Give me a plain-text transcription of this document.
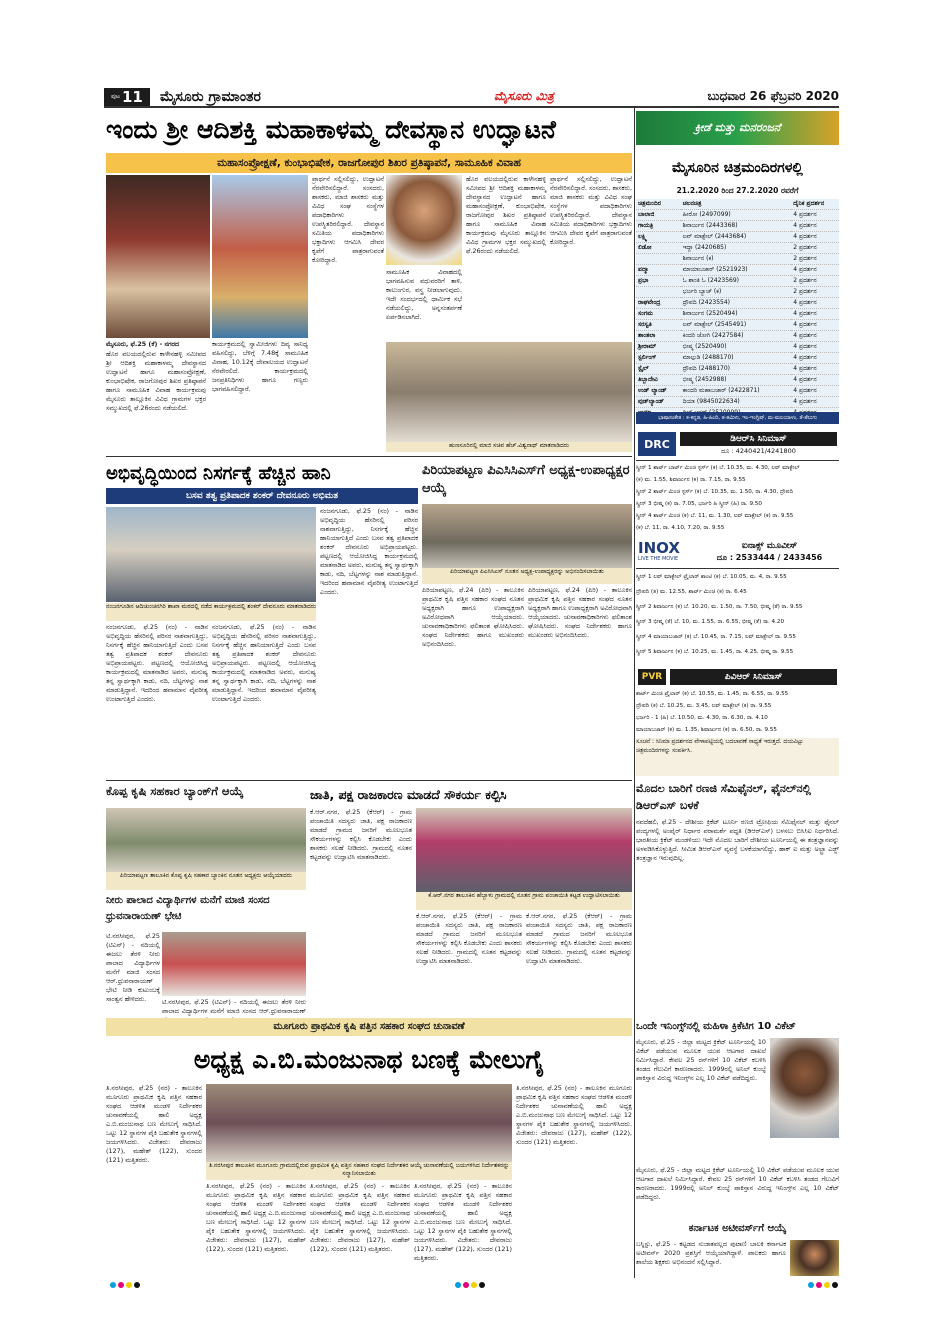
ಪುಟ 11 ಮೈಸೂರು ಗ್ರಾಮಾಂತರ	ಮೈಸೂರು ಮಿತ್ರ	ಬುಧವಾರ 26 ಫೆಬ್ರವರಿ 2020
ಇಂದು ಶ್ರೀ ಆದಿಶಕ್ತಿ ಮಹಾಕಾಳಮ್ಮ ದೇವಸ್ಥಾನ ಉದ್ಘಾಟನೆ
ಮಹಾಸಂಪ್ರೋಕ್ಷಣೆ, ಕುಂಭಾಭಿಷೇಕ, ರಾಜಗೋಪುರ ಶಿಖರ ಪ್ರತಿಷ್ಠಾಪನೆ, ಸಾಮೂಹಿಕ ವಿವಾಹ
ಮೈಸೂರು, ಫೆ.25 (ಕೆ) - ನಗರದ
ಹೊರ ವಲಯದಲ್ಲಿರುವ ಕಾಳೇನಹಳ್ಳಿ ಸಮೀಪದ ಶ್ರೀ ಆದಿಶಕ್ತಿ ಮಹಾಕಾಳಮ್ಮ ದೇವಸ್ಥಾನದ ಉದ್ಘಾಟನೆ ಹಾಗೂ ಮಹಾಸಂಪ್ರೋಕ್ಷಣೆ, ಕುಂಭಾಭಿಷೇಕ, ರಾಜಗೋಪುರ ಶಿಖರ ಪ್ರತಿಷ್ಠಾಪನೆ ಹಾಗೂ ಸಾಮೂಹಿಕ ವಿವಾಹ ಕಾರ್ಯಕ್ರಮವು ಮೈಸೂರು ತಾಲ್ಲೂಕಿನ ವಿವಿಧ ಗ್ರಾಮಗಳ ಭಕ್ತರ ಸಮ್ಮುಖದಲ್ಲಿ ಫೆ.26ರಂದು ನಡೆಯಲಿದೆ.
ಕಾರ್ಯಕ್ರಮದಲ್ಲಿ ಸ್ವಾಮೀಜಿಗಳು ದಿವ್ಯ ಸಾನಿಧ್ಯ ವಹಿಸಲಿದ್ದು, ಬೆಳಿಗ್ಗೆ 7.48ಕ್ಕೆ ಸಾಮೂಹಿಕ ವಿವಾಹ, 10.12ಕ್ಕೆ ದೇವಾಲಯದ ಉದ್ಘಾಟನೆ ನೆರವೇರಲಿದೆ. ಕಾರ್ಯಕ್ರಮದಲ್ಲಿ ಜನಪ್ರತಿನಿಧಿಗಳು ಹಾಗೂ ಗಣ್ಯರು ಭಾಗವಹಿಸಲಿದ್ದಾರೆ.
ಪ್ರಾರ್ಥನೆ ಸಲ್ಲಿಸಲಿದ್ದು, ಉದ್ಘಾಟನೆ ನೆರವೇರಿಸಲಿದ್ದಾರೆ. ಸಂಸದರು, ಶಾಸಕರು, ಮಾಜಿ ಶಾಸಕರು ಮತ್ತು ವಿವಿಧ ಸಂಘ ಸಂಸ್ಥೆಗಳ ಪದಾಧಿಕಾರಿಗಳು ಉಪಸ್ಥಿತರಿರಲಿದ್ದಾರೆ. ದೇವಸ್ಥಾನ ಸಮಿತಿಯ ಪದಾಧಿಕಾರಿಗಳು ಭಕ್ತಾದಿಗಳು ಆಗಮಿಸಿ ದೇವರ ಕೃಪೆಗೆ ಪಾತ್ರರಾಗುವಂತೆ ಕೋರಿದ್ದಾರೆ.
ಸಾಮೂಹಿಕ ವಿವಾಹದಲ್ಲಿ ಭಾಗವಹಿಸುವ ವಧುವರರಿಗೆ ತಾಳಿ, ಕಾಲುಂಗುರ, ವಸ್ತ್ರ ನೀಡಲಾಗುವುದು. ಇದೇ ಸಂದರ್ಭದಲ್ಲಿ ಧಾರ್ಮಿಕ ಸಭೆ ನಡೆಯಲಿದ್ದು, ಅನ್ನಸಂತರ್ಪಣೆ ಏರ್ಪಡಿಸಲಾಗಿದೆ.
ಹೊರ ವಲಯದಲ್ಲಿರುವ ಕಾಳೇನಹಳ್ಳಿ ಸಮೀಪದ ಶ್ರೀ ಆದಿಶಕ್ತಿ ಮಹಾಕಾಳಮ್ಮ ದೇವಸ್ಥಾನದ ಉದ್ಘಾಟನೆ ಹಾಗೂ ಮಹಾಸಂಪ್ರೋಕ್ಷಣೆ, ಕುಂಭಾಭಿಷೇಕ, ರಾಜಗೋಪುರ ಶಿಖರ ಪ್ರತಿಷ್ಠಾಪನೆ ಹಾಗೂ ಸಾಮೂಹಿಕ ವಿವಾಹ ಕಾರ್ಯಕ್ರಮವು ಮೈಸೂರು ತಾಲ್ಲೂಕಿನ ವಿವಿಧ ಗ್ರಾಮಗಳ ಭಕ್ತರ ಸಮ್ಮುಖದಲ್ಲಿ ಫೆ.26ರಂದು ನಡೆಯಲಿದೆ.
ಪ್ರಾರ್ಥನೆ ಸಲ್ಲಿಸಲಿದ್ದು, ಉದ್ಘಾಟನೆ ನೆರವೇರಿಸಲಿದ್ದಾರೆ. ಸಂಸದರು, ಶಾಸಕರು, ಮಾಜಿ ಶಾಸಕರು ಮತ್ತು ವಿವಿಧ ಸಂಘ ಸಂಸ್ಥೆಗಳ ಪದಾಧಿಕಾರಿಗಳು ಉಪಸ್ಥಿತರಿರಲಿದ್ದಾರೆ. ದೇವಸ್ಥಾನ ಸಮಿತಿಯ ಪದಾಧಿಕಾರಿಗಳು ಭಕ್ತಾದಿಗಳು ಆಗಮಿಸಿ ದೇವರ ಕೃಪೆಗೆ ಪಾತ್ರರಾಗುವಂತೆ ಕೋರಿದ್ದಾರೆ.
ಹುಣಸೂರಿನಲ್ಲಿ ಮಾಜಿ ಸಚಿವ ಹೆಚ್.ವಿಶ್ವನಾಥ್ ಮಾತನಾಡಿದರು
ಅಭಿವೃದ್ಧಿಯಿಂದ ನಿಸರ್ಗಕ್ಕೆ ಹೆಚ್ಚಿನ ಹಾನಿ
ಬಸವ ತತ್ವ ಪ್ರತಿಪಾದಕ ಶಂಕರ್ ದೇವನೂರು ಅಭಿಮತ
ನಂಜನಗೂಡಿನ ಆದಿಚುಂಚನಗಿರಿ ಶಾಖಾ ಮಠದಲ್ಲಿ ನಡೆದ ಕಾರ್ಯಕ್ರಮದಲ್ಲಿ ಶಂಕರ್ ದೇವನೂರು ಮಾತನಾಡಿದರು
ನಂಜನಗೂಡು, ಫೆ.25 (ನಂ) - ನಾಡಿನ ಅಭಿವೃದ್ಧಿಯ ಹೆಸರಿನಲ್ಲಿ ಪರಿಸರ ನಾಶವಾಗುತ್ತಿದ್ದು, ನಿಸರ್ಗಕ್ಕೆ ಹೆಚ್ಚಿನ ಹಾನಿಯಾಗುತ್ತಿದೆ ಎಂದು ಬಸವ ತತ್ವ ಪ್ರತಿಪಾದಕ ಶಂಕರ್ ದೇವನೂರು ಅಭಿಪ್ರಾಯಪಟ್ಟರು. ಪಟ್ಟಣದಲ್ಲಿ ಆಯೋಜಿಸಿದ್ದ ಕಾರ್ಯಕ್ರಮದಲ್ಲಿ ಮಾತನಾಡಿದ ಅವರು, ಮನುಷ್ಯ ತನ್ನ ಸ್ವಾರ್ಥಕ್ಕಾಗಿ ಕಾಡು, ನದಿ, ಬೆಟ್ಟಗಳನ್ನು ನಾಶ ಮಾಡುತ್ತಿದ್ದಾನೆ. ಇದರಿಂದ ಹವಾಮಾನ ವೈಪರೀತ್ಯ ಉಂಟಾಗುತ್ತಿದೆ ಎಂದರು.
ನಂಜನಗೂಡು, ಫೆ.25 (ನಂ) - ನಾಡಿನ ಅಭಿವೃದ್ಧಿಯ ಹೆಸರಿನಲ್ಲಿ ಪರಿಸರ ನಾಶವಾಗುತ್ತಿದ್ದು, ನಿಸರ್ಗಕ್ಕೆ ಹೆಚ್ಚಿನ ಹಾನಿಯಾಗುತ್ತಿದೆ ಎಂದು ಬಸವ ತತ್ವ ಪ್ರತಿಪಾದಕ ಶಂಕರ್ ದೇವನೂರು ಅಭಿಪ್ರಾಯಪಟ್ಟರು. ಪಟ್ಟಣದಲ್ಲಿ ಆಯೋಜಿಸಿದ್ದ ಕಾರ್ಯಕ್ರಮದಲ್ಲಿ ಮಾತನಾಡಿದ ಅವರು, ಮನುಷ್ಯ ತನ್ನ ಸ್ವಾರ್ಥಕ್ಕಾಗಿ ಕಾಡು, ನದಿ, ಬೆಟ್ಟಗಳನ್ನು ನಾಶ ಮಾಡುತ್ತಿದ್ದಾನೆ. ಇದರಿಂದ ಹವಾಮಾನ ವೈಪರೀತ್ಯ ಉಂಟಾಗುತ್ತಿದೆ ಎಂದರು.
ನಂಜನಗೂಡು, ಫೆ.25 (ನಂ) - ನಾಡಿನ ಅಭಿವೃದ್ಧಿಯ ಹೆಸರಿನಲ್ಲಿ ಪರಿಸರ ನಾಶವಾಗುತ್ತಿದ್ದು, ನಿಸರ್ಗಕ್ಕೆ ಹೆಚ್ಚಿನ ಹಾನಿಯಾಗುತ್ತಿದೆ ಎಂದು ಬಸವ ತತ್ವ ಪ್ರತಿಪಾದಕ ಶಂಕರ್ ದೇವನೂರು ಅಭಿಪ್ರಾಯಪಟ್ಟರು. ಪಟ್ಟಣದಲ್ಲಿ ಆಯೋಜಿಸಿದ್ದ ಕಾರ್ಯಕ್ರಮದಲ್ಲಿ ಮಾತನಾಡಿದ ಅವರು, ಮನುಷ್ಯ ತನ್ನ ಸ್ವಾರ್ಥಕ್ಕಾಗಿ ಕಾಡು, ನದಿ, ಬೆಟ್ಟಗಳನ್ನು ನಾಶ ಮಾಡುತ್ತಿದ್ದಾನೆ. ಇದರಿಂದ ಹವಾಮಾನ ವೈಪರೀತ್ಯ ಉಂಟಾಗುತ್ತಿದೆ ಎಂದರು.
ಪಿರಿಯಾಪಟ್ಟಣ ಪಿಎಸಿಸಿಎಸ್‌ಗೆ ಅಧ್ಯಕ್ಷ-ಉಪಾಧ್ಯಕ್ಷರ ಆಯ್ಕೆ
ಪಿರಿಯಾಪಟ್ಟಣ ಪಿಎಸಿಸಿಎಸ್ ನೂತನ ಅಧ್ಯಕ್ಷ-ಉಪಾಧ್ಯಕ್ಷರನ್ನು ಅಭಿನಂದಿಸಲಾಯಿತು
ಪಿರಿಯಾಪಟ್ಟಣ, ಫೆ.24 (ಪಿರಿ) - ತಾಲೂಕಿನ ಪ್ರಾಥಮಿಕ ಕೃಷಿ ಪತ್ತಿನ ಸಹಕಾರ ಸಂಘದ ನೂತನ ಅಧ್ಯಕ್ಷರಾಗಿ ಹಾಗೂ ಉಪಾಧ್ಯಕ್ಷರಾಗಿ ಅವಿರೋಧವಾಗಿ ಆಯ್ಕೆಯಾದರು. ಚುನಾವಣಾಧಿಕಾರಿಗಳು ಫಲಿತಾಂಶ ಘೋಷಿಸಿದರು. ಸಂಘದ ನಿರ್ದೇಶಕರು ಹಾಗೂ ಮುಖಂಡರು ಅಭಿನಂದಿಸಿದರು.
ಪಿರಿಯಾಪಟ್ಟಣ, ಫೆ.24 (ಪಿರಿ) - ತಾಲೂಕಿನ ಪ್ರಾಥಮಿಕ ಕೃಷಿ ಪತ್ತಿನ ಸಹಕಾರ ಸಂಘದ ನೂತನ ಅಧ್ಯಕ್ಷರಾಗಿ ಹಾಗೂ ಉಪಾಧ್ಯಕ್ಷರಾಗಿ ಅವಿರೋಧವಾಗಿ ಆಯ್ಕೆಯಾದರು. ಚುನಾವಣಾಧಿಕಾರಿಗಳು ಫಲಿತಾಂಶ ಘೋಷಿಸಿದರು. ಸಂಘದ ನಿರ್ದೇಶಕರು ಹಾಗೂ ಮುಖಂಡರು ಅಭಿನಂದಿಸಿದರು.
ಕೊಪ್ಪ ಕೃಷಿ ಸಹಕಾರ ಬ್ಯಾಂಕ್‌ಗೆ ಆಯ್ಕೆ
ಪಿರಿಯಾಪಟ್ಟಣ ತಾಲೂಕಿನ ಕೊಪ್ಪ ಕೃಷಿ ಸಹಕಾರ ಬ್ಯಾಂಕಿನ ನೂತನ ಅಧ್ಯಕ್ಷರು ಆಯ್ಕೆಯಾದರು
ನೀರು ಪಾಲಾದ ವಿದ್ಯಾರ್ಥಿಗಳ ಮನೆಗೆ ಮಾಜಿ ಸಂಸದ ಧ್ರುವನಾರಾಯಣ್ ಭೇಟಿ
ಟಿ.ನರಸೀಪುರ, ಫೆ.25 (ಟಿಎನ್) - ನದಿಯಲ್ಲಿ ಈಜಲು ತೆರಳಿ ನೀರು ಪಾಲಾದ ವಿದ್ಯಾರ್ಥಿಗಳ ಮನೆಗೆ ಮಾಜಿ ಸಂಸದ ಆರ್.ಧ್ರುವನಾರಾಯಣ್ ಭೇಟಿ ನೀಡಿ ಕುಟುಂಬಕ್ಕೆ ಸಾಂತ್ವನ ಹೇಳಿದರು.	ಟಿ.ನರಸೀಪುರ, ಫೆ.25 (ಟಿಎನ್) - ನದಿಯಲ್ಲಿ ಈಜಲು ತೆರಳಿ ನೀರು ಪಾಲಾದ ವಿದ್ಯಾರ್ಥಿಗಳ ಮನೆಗೆ ಮಾಜಿ ಸಂಸದ ಆರ್.ಧ್ರುವನಾರಾಯಣ್
ಜಾತಿ, ಪಕ್ಷ ರಾಜಕಾರಣ ಮಾಡದೆ ಸೌಕರ್ಯ ಕಲ್ಪಿಸಿ
ಕೆ.ಆರ್.ನಗರ, ಫೆ.25 (ಕೆಆರ್) - ಗ್ರಾಮ ಪಂಚಾಯಿತಿ ಸದಸ್ಯರು ಜಾತಿ, ಪಕ್ಷ ರಾಜಕಾರಣ ಮಾಡದೆ ಗ್ರಾಮದ ಜನರಿಗೆ ಮೂಲಭೂತ ಸೌಕರ್ಯಗಳನ್ನು ಕಲ್ಪಿಸಿ ಕೊಡಬೇಕು ಎಂದು ಶಾಸಕರು ಸಲಹೆ ನೀಡಿದರು. ಗ್ರಾಮದಲ್ಲಿ ನೂತನ ಕಟ್ಟಡವನ್ನು ಉದ್ಘಾಟಿಸಿ ಮಾತನಾಡಿದರು.
ಕೆ.ಆರ್.ನಗರ ತಾಲೂಕಿನ ಹೆಬ್ಬಾಳು ಗ್ರಾಮದಲ್ಲಿ ನೂತನ ಗ್ರಾಮ ಪಂಚಾಯಿತಿ ಕಟ್ಟಡ ಉದ್ಘಾಟಿಸಲಾಯಿತು
ಕೆ.ಆರ್.ನಗರ, ಫೆ.25 (ಕೆಆರ್) - ಗ್ರಾಮ ಪಂಚಾಯಿತಿ ಸದಸ್ಯರು ಜಾತಿ, ಪಕ್ಷ ರಾಜಕಾರಣ ಮಾಡದೆ ಗ್ರಾಮದ ಜನರಿಗೆ ಮೂಲಭೂತ ಸೌಕರ್ಯಗಳನ್ನು ಕಲ್ಪಿಸಿ ಕೊಡಬೇಕು ಎಂದು ಶಾಸಕರು ಸಲಹೆ ನೀಡಿದರು. ಗ್ರಾಮದಲ್ಲಿ ನೂತನ ಕಟ್ಟಡವನ್ನು ಉದ್ಘಾಟಿಸಿ ಮಾತನಾಡಿದರು.
ಕೆ.ಆರ್.ನಗರ, ಫೆ.25 (ಕೆಆರ್) - ಗ್ರಾಮ ಪಂಚಾಯಿತಿ ಸದಸ್ಯರು ಜಾತಿ, ಪಕ್ಷ ರಾಜಕಾರಣ ಮಾಡದೆ ಗ್ರಾಮದ ಜನರಿಗೆ ಮೂಲಭೂತ ಸೌಕರ್ಯಗಳನ್ನು ಕಲ್ಪಿಸಿ ಕೊಡಬೇಕು ಎಂದು ಶಾಸಕರು ಸಲಹೆ ನೀಡಿದರು. ಗ್ರಾಮದಲ್ಲಿ ನೂತನ ಕಟ್ಟಡವನ್ನು ಉದ್ಘಾಟಿಸಿ ಮಾತನಾಡಿದರು.
ಮೂಗೂರು ಪ್ರಾಥಮಿಕ ಕೃಷಿ ಪತ್ತಿನ ಸಹಕಾರ ಸಂಘದ ಚುನಾವಣೆ
ಅಧ್ಯಕ್ಷ ಎ.ಬಿ.ಮಂಜುನಾಥ ಬಣಕ್ಕೆ ಮೇಲುಗೈ
ತಿ.ನರಸೀಪುರ, ಫೆ.25 (ನರ) - ತಾಲೂಕಿನ ಮೂಗೂರು ಪ್ರಾಥಮಿಕ ಕೃಷಿ ಪತ್ತಿನ ಸಹಕಾರ ಸಂಘದ ಆಡಳಿತ ಮಂಡಳಿ ನಿರ್ದೇಶಕರ ಚುನಾವಣೆಯಲ್ಲಿ ಹಾಲಿ ಅಧ್ಯಕ್ಷ ಎ.ಬಿ.ಮಂಜುನಾಥ ಬಣ ಮೇಲುಗೈ ಸಾಧಿಸಿದೆ. ಒಟ್ಟು 12 ಸ್ಥಾನಗಳ ಪೈಕಿ ಬಹುತೇಕ ಸ್ಥಾನಗಳಲ್ಲಿ ಜಯಗಳಿಸಿದರು. ವಿಜೇತರು: ದೇವರಾಜು (127), ಮಹೇಶ್ (122), ಸುಂದರ (121) ಮತ್ತಿತರರು.
ತಿ.ನರಸೀಪುರ ತಾಲೂಕಿನ ಮೂಗೂರು ಗ್ರಾಮದಲ್ಲಿರುವ ಪ್ರಾಥಮಿಕ ಕೃಷಿ ಪತ್ತಿನ ಸಹಕಾರ ಸಂಘದ ನಿರ್ದೇಶಕರ ಆಯ್ಕೆ ಚುನಾವಣೆಯಲ್ಲಿ ಜಯಗಳಿಸಿದ ನಿರ್ದೇಶಕರನ್ನು ಸನ್ಮಾನಿಸಲಾಯಿತು
ತಿ.ನರಸೀಪುರ, ಫೆ.25 (ನರ) - ತಾಲೂಕಿನ ಮೂಗೂರು ಪ್ರಾಥಮಿಕ ಕೃಷಿ ಪತ್ತಿನ ಸಹಕಾರ ಸಂಘದ ಆಡಳಿತ ಮಂಡಳಿ ನಿರ್ದೇಶಕರ ಚುನಾವಣೆಯಲ್ಲಿ ಹಾಲಿ ಅಧ್ಯಕ್ಷ ಎ.ಬಿ.ಮಂಜುನಾಥ ಬಣ ಮೇಲುಗೈ ಸಾಧಿಸಿದೆ. ಒಟ್ಟು 12 ಸ್ಥಾನಗಳ ಪೈಕಿ ಬಹುತೇಕ ಸ್ಥಾನಗಳಲ್ಲಿ ಜಯಗಳಿಸಿದರು. ವಿಜೇತರು: ದೇವರಾಜು (127), ಮಹೇಶ್ (122), ಸುಂದರ (121) ಮತ್ತಿತರರು.
ತಿ.ನರಸೀಪುರ, ಫೆ.25 (ನರ) - ತಾಲೂಕಿನ ಮೂಗೂರು ಪ್ರಾಥಮಿಕ ಕೃಷಿ ಪತ್ತಿನ ಸಹಕಾರ ಸಂಘದ ಆಡಳಿತ ಮಂಡಳಿ ನಿರ್ದೇಶಕರ ಚುನಾವಣೆಯಲ್ಲಿ ಹಾಲಿ ಅಧ್ಯಕ್ಷ ಎ.ಬಿ.ಮಂಜುನಾಥ ಬಣ ಮೇಲುಗೈ ಸಾಧಿಸಿದೆ. ಒಟ್ಟು 12 ಸ್ಥಾನಗಳ ಪೈಕಿ ಬಹುತೇಕ ಸ್ಥಾನಗಳಲ್ಲಿ ಜಯಗಳಿಸಿದರು. ವಿಜೇತರು: ದೇವರಾಜು (127), ಮಹೇಶ್ (122), ಸುಂದರ (121) ಮತ್ತಿತರರು.
ತಿ.ನರಸೀಪುರ, ಫೆ.25 (ನರ) - ತಾಲೂಕಿನ ಮೂಗೂರು ಪ್ರಾಥಮಿಕ ಕೃಷಿ ಪತ್ತಿನ ಸಹಕಾರ ಸಂಘದ ಆಡಳಿತ ಮಂಡಳಿ ನಿರ್ದೇಶಕರ ಚುನಾವಣೆಯಲ್ಲಿ ಹಾಲಿ ಅಧ್ಯಕ್ಷ ಎ.ಬಿ.ಮಂಜುನಾಥ ಬಣ ಮೇಲುಗೈ ಸಾಧಿಸಿದೆ. ಒಟ್ಟು 12 ಸ್ಥಾನಗಳ ಪೈಕಿ ಬಹುತೇಕ ಸ್ಥಾನಗಳಲ್ಲಿ ಜಯಗಳಿಸಿದರು. ವಿಜೇತರು: ದೇವರಾಜು (127), ಮಹೇಶ್ (122), ಸುಂದರ (121) ಮತ್ತಿತರರು.
ತಿ.ನರಸೀಪುರ, ಫೆ.25 (ನರ) - ತಾಲೂಕಿನ ಮೂಗೂರು ಪ್ರಾಥಮಿಕ ಕೃಷಿ ಪತ್ತಿನ ಸಹಕಾರ ಸಂಘದ ಆಡಳಿತ ಮಂಡಳಿ ನಿರ್ದೇಶಕರ ಚುನಾವಣೆಯಲ್ಲಿ ಹಾಲಿ ಅಧ್ಯಕ್ಷ ಎ.ಬಿ.ಮಂಜುನಾಥ ಬಣ ಮೇಲುಗೈ ಸಾಧಿಸಿದೆ. ಒಟ್ಟು 12 ಸ್ಥಾನಗಳ ಪೈಕಿ ಬಹುತೇಕ ಸ್ಥಾನಗಳಲ್ಲಿ ಜಯಗಳಿಸಿದರು. ವಿಜೇತರು: ದೇವರಾಜು (127), ಮಹೇಶ್ (122), ಸುಂದರ (121) ಮತ್ತಿತರರು.
ಕ್ರೀಡೆ ಮತ್ತು ಮನರಂಜನೆ
ಮೈಸೂರಿನ ಚಿತ್ರಮಂದಿರಗಳಲ್ಲಿ
21.2.2020 ರಿಂದ 27.2.2020 ರವರೆಗೆ
ಚಿತ್ರಮಂದಿರ	ಚಲನಚಿತ್ರ	ದೈನಿಕ ಪ್ರದರ್ಶನ
ಬಾಲಾಜಿ	ಹೀರೋ (2497099)	4 ಪ್ರದರ್ಶನ
ಗಾಯತ್ರಿ	ಶಿವಾರ್ಜುನ (2443368)	4 ಪ್ರದರ್ಶನ
ಲಕ್ಷ್ಮಿ	ಲವ್ ಮಾಕ್ಟೇಲ್ (2443684)	4 ಪ್ರದರ್ಶನ
ಲಿಡೋ	ಇದ್ದಾ (2420685)	2 ಪ್ರದರ್ಶನ
	ಶಿವಾರ್ಜುನ (ಕ)	2 ಪ್ರದರ್ಶನ
ಪದ್ಮಾ	ಮಾಯಾಬಜಾರ್ (2521923)	4 ಪ್ರದರ್ಶನ
ಪ್ರಭಾ	ಓ ಶಾಂತಿ ಓ (2423569)	2 ಪ್ರದರ್ಶನ
	ಭರ್ಜರಿ ಬ್ಯಾಚ್ (ಕ)	2 ಪ್ರದರ್ಶನ
ರಾಘವೇಂದ್ರ	ದ್ರೌಪದಿ (2423554)	4 ಪ್ರದರ್ಶನ
ಸಂಗಮ	ಶಿವಾರ್ಜುನ (2520494)	4 ಪ್ರದರ್ಶನ
ಸರಸ್ವತಿ	ಲವ್ ಮಾಕ್ಟೇಲ್ (2545491)	4 ಪ್ರದರ್ಶನ
ಶಾಂತಲಾ	ಕಿಂದರಿ ಜೋಗಿ (2427584)	4 ಪ್ರದರ್ಶನ
ಶ್ರೀರಾಮ್	ಭೀಷ್ಮ (2520490)	4 ಪ್ರದರ್ಶನ
ಸ್ಟರ್ಲಿಂಗ್	ಮಾಲ್ಗುಡಿ (2488170)	4 ಪ್ರದರ್ಶನ
ಸ್ಟೈಲ್	ದ್ರೌಪದಿ (2488170)	4 ಪ್ರದರ್ಶನ
ತಿಬ್ಬಾದೇವಿ	ಭೀಷ್ಮ (2452988)	4 ಪ್ರದರ್ಶನ
ಉಡ್ ಲ್ಯಾಂಡ್	ಕಾಂದರಿ ಮಹಾಬಜಾರ್ (2422871)	4 ಪ್ರದರ್ಶನ
ವುಡ್‌ಲ್ಯಾಂಡ್	ದಿಯಾ (9845022634)	4 ಪ್ರದರ್ಶನ

ಭಾಷಾಸಂಕೇತ : ಕ-ಕನ್ನಡ, ಹಿ-ಹಿಂದಿ, ತ-ತಮಿಳು, ಇಂ-ಇಂಗ್ಲಿಷ್, ಮ-ಮಲಯಾಳಂ, ತೆ-ತೆಲುಗು
DRC	ಡಿಆರ್‌ಸಿ ಸಿನಿಮಾಸ್
ದೂ : 4240421/4241800
ಸ್ಕ್ರೀನ್ 1 ಶಾರ್ಟ್ ಬಾರ್ಟ್ ಮಿಂಚಿ ಸ್ಟರ್ಸ್ (ಕ) ಬೆ. 10.35, ಮ. 4.30, ಲವ್ ಮಾಕ್ಟೇಲ್
(ಕ) ಮ. 1.55, ಶಿವಾರ್ಜುನ (ಕ) ರಾ. 7.15, ರಾ. 9.55
ಸ್ಕ್ರೀನ್ 2 ಶಾರ್ಟ್ ಮಿಂಚಿ ಸ್ಟರ್ಸ್ (ಕ) ಬೆ. 10.35, ಮ. 1.50, ರಾ. 4.30, ದ್ರೌಪದಿ
ಸ್ಕ್ರೀನ್ 3 ಭೀಷ್ಮ (ಕ) ರಾ. 7.05, ಭರ್ಜರಿ ಹಿ ಸ್ಕ್ರೀನ್ (ಹಿ) ರಾ. 9.50
ಸ್ಕ್ರೀನ್ 4 ಶಾರ್ಟ್ ಮಿಂಚಿ (ಕ) ಬೆ. 11, ಮ. 1.30, ಲವ್ ಮಾಕ್ಟೇಲ್ (ಕ) ರಾ. 9.55
(ಕ) ಬೆ. 11, ರಾ. 4.10, 7.20, ರಾ. 9.55
INOX
LIVE THE MOVIE
ಐನಾಕ್ಸ್ ಮೂವೀಸ್
ದೂ : 2533444 / 2433456
ಸ್ಕ್ರೀನ್ 1 ಲವ್ ಮಾಕ್ಟೇಲ್ ಟ್ರೈಲಾರ್ ಶಾಂಟಿ (ಕ) ಬೆ. 10.05, ಮ. 4, ರಾ. 9.55
ದ್ರೌಪದಿ (ತ) ಮ. 12.55, ಶಾರ್ಟ್ ಮಿಂಚಿ (ಕ) ರಾ. 6.45
ಸ್ಕ್ರೀನ್ 2 ಶಿವಾರ್ಜುನ (ಕ) ಬೆ. 10.20, ಮ. 1.50, ರಾ. 7.50, ಭೀಷ್ಮ (ತೆ) ರಾ. 9.55
ಸ್ಕ್ರೀನ್ 3 ಭೀಷ್ಮ (ತೆ) ಬೆ. 10, ಮ. 1.55, ರಾ. 6.55, ಭೀಷ್ಮ (ತೆ) ರಾ. 4.20
ಸ್ಕ್ರೀನ್ 4 ಮಾಯಾಬಜಾರ್ (ಕ) ಬೆ. 10.45, ರಾ. 7.15, ಲವ್ ಮಾಕ್ಟೇಲ್ ರಾ. 9.55
ಸ್ಕ್ರೀನ್ 5 ಶಿವಾರ್ಜುನ (ಕ) ಬೆ. 10.25, ಮ. 1.45, ರಾ. 4.25, ಭೀಷ್ಮ ರಾ. 9.55
PVR	ಪಿವಿಆರ್ ಸಿನಿಮಾಸ್
ಶಾರ್ಟ್ ಮಿಂಚಿ ಟ್ರೈಲಾರ್ (ಕ) ಬೆ. 10.55, ಮ. 1.45, ರಾ. 6.55, ರಾ. 9.55
ದ್ರೌಪದಿ (ಕ) ಬೆ. 10.25, ಮ. 3.45, ಲವ್ ಮಾಕ್ಟೇಲ್ (ಕ) ರಾ. 9.55
ಭರ್ಜರಿ - 1 (ಹಿ) ಬೆ. 10.50, ಮ. 4.30, ರಾ. 6.30, ರಾ. 4.10
ಮಾಯಾಬಜಾರ್ (ಕ) ಮ. 1.35, ಶಿವಾರ್ಜುನ (ಕ) ರಾ. 6.50, ರಾ. 9.55
ಸೂಚನೆ : ಸಿನಿಮಾ ಪ್ರದರ್ಶನದ ವೇಳಾಪಟ್ಟಿಯಲ್ಲಿ ಬದಲಾವಣೆ ಸಾಧ್ಯತೆ ಇರುತ್ತದೆ. ದಯವಿಟ್ಟು ಚಿತ್ರಮಂದಿರಗಳನ್ನು ಸಂಪರ್ಕಿಸಿ.
ಮೊದಲ ಬಾರಿಗೆ ರಣಜಿ ಸೆಮಿಫೈನಲ್, ಫೈನಲ್‌ನಲ್ಲಿ ಡಿಆರ್‌ಎಸ್ ಬಳಕೆ
ನವದೆಹಲಿ, ಫೆ.25 - ದೇಶೀಯ ಕ್ರಿಕೆಟ್ ಟೂರ್ನಿ ರಣಜಿ ಟ್ರೋಫಿಯ ಸೆಮಿಫೈನಲ್ ಮತ್ತು ಫೈನಲ್ ಪಂದ್ಯಗಳಲ್ಲಿ ಅಂಪೈರ್ ನಿರ್ಧಾರ ಪರಾಮರ್ಶೆ ಪದ್ಧತಿ (ಡಿಆರ್‌ಎಸ್) ಬಳಸಲು ಬಿಸಿಸಿಐ ನಿರ್ಧರಿಸಿದೆ. ಭಾರತೀಯ ಕ್ರಿಕೆಟ್ ಮಂಡಳಿಯು ಇದೇ ಮೊದಲ ಬಾರಿಗೆ ದೇಶೀಯ ಟೂರ್ನಿಯಲ್ಲಿ ಈ ತಂತ್ರಜ್ಞಾನವನ್ನು ಅಳವಡಿಸಿಕೊಳ್ಳುತ್ತಿದೆ. ಸೀಮಿತ ಡಿಆರ್‌ಎಸ್ ವ್ಯವಸ್ಥೆ ಬಳಕೆಯಾಗಲಿದ್ದು, ಹಾಕ್ ಐ ಮತ್ತು ಅಲ್ಟ್ರಾ ಎಡ್ಜ್ ತಂತ್ರಜ್ಞಾನ ಇರುವುದಿಲ್ಲ.
ಒಂದೇ ಇನಿಂಗ್ಸ್‌ನಲ್ಲಿ ಮಹಿಳಾ ಕ್ರಿಕೆಟಿಗ 10 ವಿಕೆಟ್
ಮೈಸೂರು, ಫೆ.25 - ಜಿಲ್ಲಾ ಮಟ್ಟದ ಕ್ರಿಕೆಟ್ ಟೂರ್ನಿಯಲ್ಲಿ 10 ವಿಕೆಟ್ ಪಡೆಯುವ ಮೂಲಕ ಯುವ ಆಟಗಾರ ದಾಖಲೆ ನಿರ್ಮಿಸಿದ್ದಾರೆ. ಕೇವಲ 25 ರನ್‌ಗಳಿಗೆ 10 ವಿಕೆಟ್ ಕಬಳಿಸಿ ತಂಡದ ಗೆಲುವಿಗೆ ಕಾರಣರಾದರು. 1999ರಲ್ಲಿ ಅನಿಲ್ ಕುಂಬ್ಳೆ ಪಾಕಿಸ್ತಾನ ವಿರುದ್ಧ ಇನಿಂಗ್ಸ್‌ನ ಎಲ್ಲ 10 ವಿಕೆಟ್ ಪಡೆದಿದ್ದರು.
ಮೈಸೂರು, ಫೆ.25 - ಜಿಲ್ಲಾ ಮಟ್ಟದ ಕ್ರಿಕೆಟ್ ಟೂರ್ನಿಯಲ್ಲಿ 10 ವಿಕೆಟ್ ಪಡೆಯುವ ಮೂಲಕ ಯುವ ಆಟಗಾರ ದಾಖಲೆ ನಿರ್ಮಿಸಿದ್ದಾರೆ. ಕೇವಲ 25 ರನ್‌ಗಳಿಗೆ 10 ವಿಕೆಟ್ ಕಬಳಿಸಿ ತಂಡದ ಗೆಲುವಿಗೆ ಕಾರಣರಾದರು. 1999ರಲ್ಲಿ ಅನಿಲ್ ಕುಂಬ್ಳೆ ಪಾಕಿಸ್ತಾನ ವಿರುದ್ಧ ಇನಿಂಗ್ಸ್‌ನ ಎಲ್ಲ 10 ವಿಕೆಟ್ ಪಡೆದಿದ್ದರು.
ಕರ್ನಾಟಕ ಅಟೀವರ್ಸ್‌ಗೆ ಆಯ್ಕೆ
ಬಸ್ನಿಸ್ಟು, ಫೆ.25 - ಕಟ್ಟಡದ ಸುಜಾತವಲ್ಲದ ಪುಟಾಣಿ ಬಾಲಕಿ ಕರ್ನಾಟಕ ಅಟೀವರ್ಸ್ 2020 ಪ್ರಶಸ್ತಿಗೆ ಆಯ್ಕೆಯಾಗಿದ್ದಾಳೆ. ಪಾಲಕರು ಹಾಗೂ ಶಾಲೆಯ ಶಿಕ್ಷಕರು ಅಭಿನಂದನೆ ಸಲ್ಲಿಸಿದ್ದಾರೆ.
